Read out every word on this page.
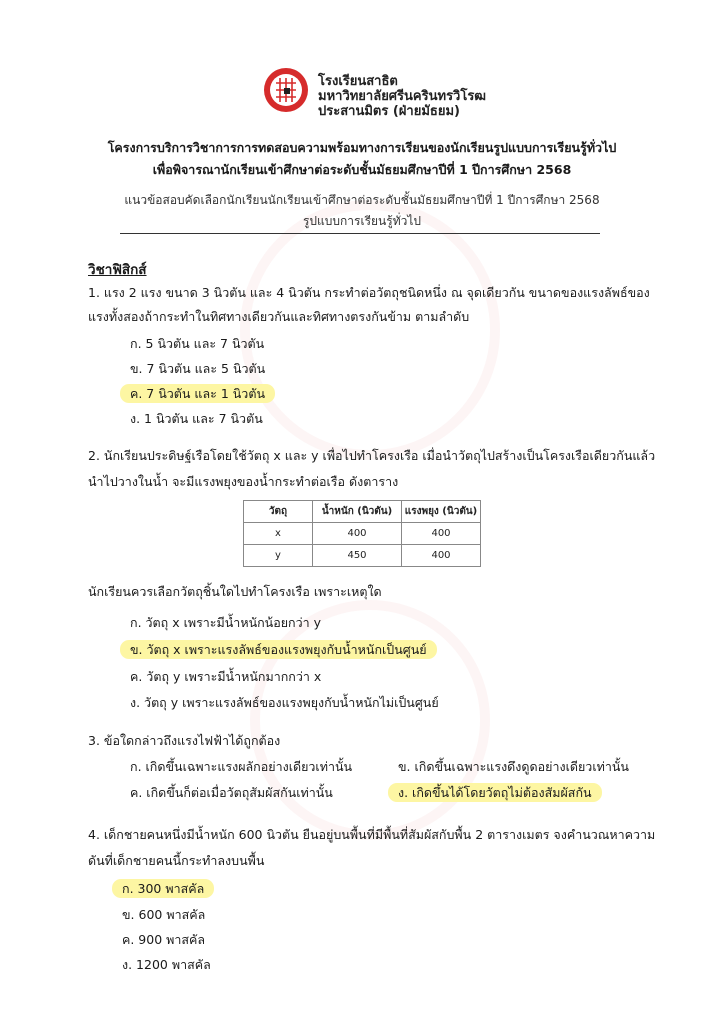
โรงเรียนสาธิต
มหาวิทยาลัยศรีนครินทรวิโรฒ
ประสานมิตร (ฝ่ายมัธยม)
โครงการบริการวิชาการการทดสอบความพร้อมทางการเรียนของนักเรียนรูปแบบการเรียนรู้ทั่วไป
เพื่อพิจารณานักเรียนเข้าศึกษาต่อระดับชั้นมัธยมศึกษาปีที่ 1 ปีการศึกษา 2568
แนวข้อสอบคัดเลือกนักเรียนนักเรียนเข้าศึกษาต่อระดับชั้นมัธยมศึกษาปีที่ 1 ปีการศึกษา 2568
รูปแบบการเรียนรู้ทั่วไป
วิชาฟิสิกส์
1. แรง 2 แรง ขนาด 3 นิวตัน และ 4 นิวตัน กระทำต่อวัตถุชนิดหนึ่ง ณ จุดเดียวกัน ขนาดของแรงลัพธ์ของ
แรงทั้งสองถ้ากระทำในทิศทางเดียวกันและทิศทางตรงกันข้าม ตามลำดับ
ก. 5 นิวตัน และ 7 นิวตัน
ข. 7 นิวตัน และ 5 นิวตัน
ค. 7 นิวตัน และ 1 นิวตัน
ง. 1 นิวตัน และ 7 นิวตัน
2. นักเรียนประดิษฐ์เรือโดยใช้วัตถุ x และ y เพื่อไปทำโครงเรือ เมื่อนำวัตถุไปสร้างเป็นโครงเรือเดียวกันแล้ว
นำไปวางในน้ำ จะมีแรงพยุงของน้ำกระทำต่อเรือ ดังตาราง
วัตถุ	น้ำหนัก (นิวตัน)	แรงพยุง (นิวตัน)
x	400	400
y	450	400
นักเรียนควรเลือกวัตถุชิ้นใดไปทำโครงเรือ เพราะเหตุใด
ก. วัตถุ x เพราะมีน้ำหนักน้อยกว่า y
ข. วัตถุ x เพราะแรงลัพธ์ของแรงพยุงกับน้ำหนักเป็นศูนย์
ค. วัตถุ y เพราะมีน้ำหนักมากกว่า x
ง. วัตถุ y เพราะแรงลัพธ์ของแรงพยุงกับน้ำหนักไม่เป็นศูนย์
3. ข้อใดกล่าวถึงแรงไฟฟ้าได้ถูกต้อง
ก. เกิดขึ้นเฉพาะแรงผลักอย่างเดียวเท่านั้น	ข. เกิดขึ้นเฉพาะแรงดึงดูดอย่างเดียวเท่านั้น
ค. เกิดขึ้นก็ต่อเมื่อวัตถุสัมผัสกันเท่านั้น	ง. เกิดขึ้นได้โดยวัตถุไม่ต้องสัมผัสกัน
4. เด็กชายคนหนึ่งมีน้ำหนัก 600 นิวตัน ยืนอยู่บนพื้นที่มีพื้นที่สัมผัสกับพื้น 2 ตารางเมตร จงคำนวณหาความ
ดันที่เด็กชายคนนี้กระทำลงบนพื้น
ก. 300 พาสคัล
ข. 600 พาสคัล
ค. 900 พาสคัล
ง. 1200 พาสคัล
